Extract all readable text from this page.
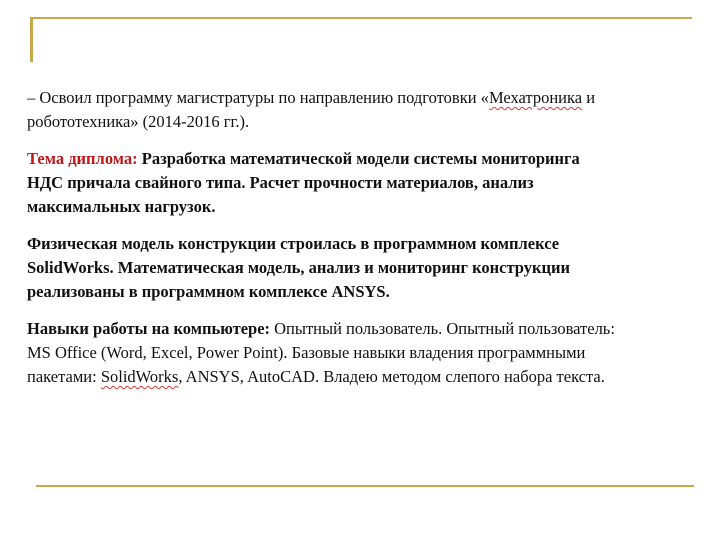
– Освоил программу магистратуры по направлению подготовки «Мехатроника и
робототехника» (2014-2016 гг.).

Тема диплома: Разработка математической модели системы мониторинга
НДС причала свайного типа. Расчет прочности материалов, анализ
максимальных нагрузок.

Физическая модель конструкции строилась в программном комплексе
SolidWorks. Математическая модель, анализ и мониторинг конструкции
реализованы в программном комплексе ANSYS.

Навыки работы на компьютере: Опытный пользователь. Опытный пользователь:
MS Office (Word, Excel, Power Point). Базовые навыки владения программными
пакетами: SolidWorks, ANSYS, AutoCAD. Владею методом слепого набора текста.
